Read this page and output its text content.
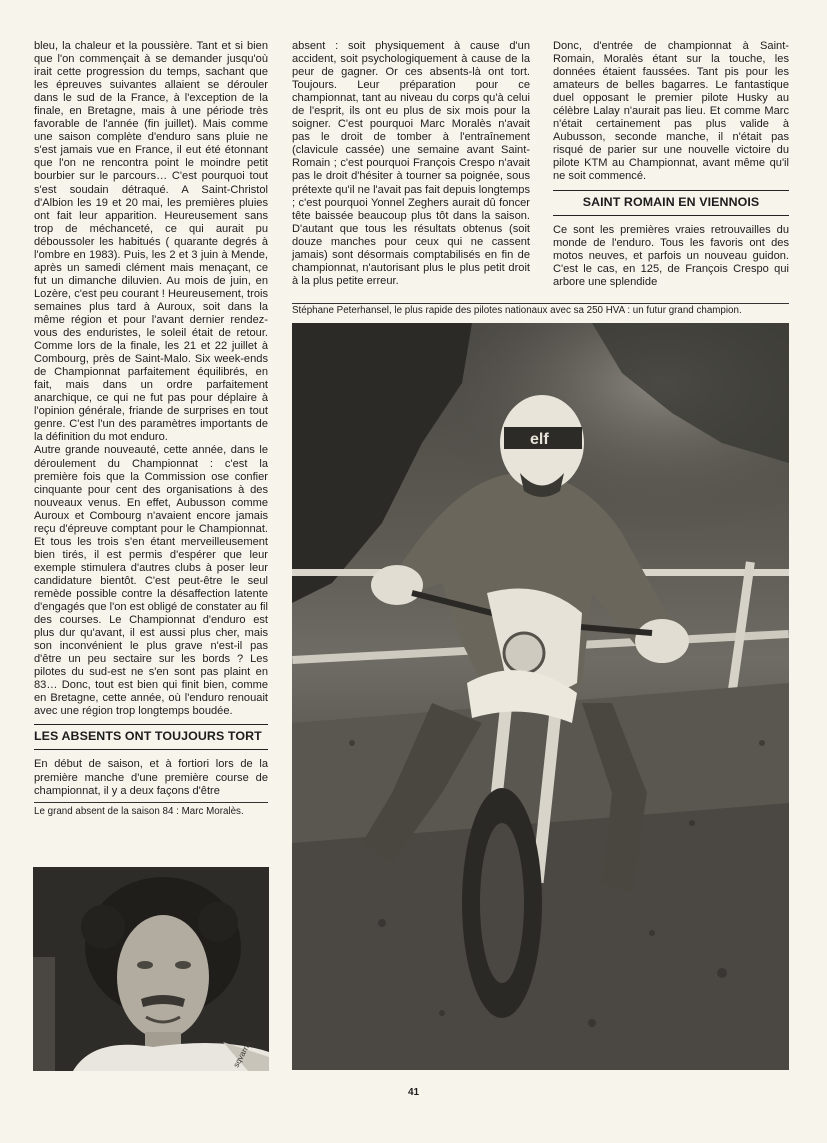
bleu, la chaleur et la poussière. Tant et si bien que l'on commençait à se demander jusqu'où irait cette progression du temps, sachant que les épreuves suivantes allaient se dérouler dans le sud de la France, à l'exception de la finale, en Bretagne, mais à une période très favorable de l'année (fin juillet). Mais comme une saison complète d'enduro sans pluie ne s'est jamais vue en France, il eut été étonnant que l'on ne rencontra point le moindre petit bourbier sur le parcours… C'est pourquoi tout s'est soudain détraqué. A Saint-Christol d'Albion les 19 et 20 mai, les premières pluies ont fait leur apparition. Heureusement sans trop de méchanceté, ce qui aurait pu déboussoler les habitués ( quarante degrés à l'ombre en 1983). Puis, les 2 et 3 juin à Mende, après un samedi clément mais menaçant, ce fut un dimanche diluvien. Au mois de juin, en Lozère, c'est peu courant ! Heureusement, trois semaines plus tard à Auroux, soit dans la même région et pour l'avant dernier rendez-vous des enduristes, le soleil était de retour. Comme lors de la finale, les 21 et 22 juillet à Combourg, près de Saint-Malo. Six week-ends de Championnat parfaitement équilibrés, en fait, mais dans un ordre parfaitement anarchique, ce qui ne fut pas pour déplaire à l'opinion générale, friande de surprises en tout genre. C'est l'un des paramètres importants de la définition du mot enduro.

Autre grande nouveauté, cette année, dans le déroulement du Championnat : c'est la première fois que la Commission ose confier cinquante pour cent des organisations à des nouveaux venus. En effet, Aubusson comme Auroux et Combourg n'avaient encore jamais reçu d'épreuve comptant pour le Championnat. Et tous les trois s'en étant merveilleusement bien tirés, il est permis d'espérer que leur exemple stimulera d'autres clubs à poser leur candidature bientôt. C'est peut-être le seul remède possible contre la désaffection latente d'engagés que l'on est obligé de constater au fil des courses. Le Championnat d'enduro est plus dur qu'avant, il est aussi plus cher, mais son inconvénient le plus grave n'est-il pas d'être un peu sectaire sur les bords ? Les pilotes du sud-est ne s'en sont pas plaint en 83… Donc, tout est bien qui finit bien, comme en Bretagne, cette année, où l'enduro renouait avec une région trop longtemps boudée.

LES ABSENTS ONT TOUJOURS TORT

En début de saison, et à fortiori lors de la première manche d'une première course de championnat, il y a deux façons d'être

Le grand absent de la saison 84 : Marc Moralès.

absent : soit physiquement à cause d'un accident, soit psychologiquement à cause de la peur de gagner. Or ces absents-là ont tort. Toujours. Leur préparation pour ce championnat, tant au niveau du corps qu'à celui de l'esprit, ils ont eu plus de six mois pour la soigner. C'est pourquoi Marc Moralès n'avait pas le droit de tomber à l'entraînement (clavicule cassée) une semaine avant Saint-Romain ; c'est pourquoi François Crespo n'avait pas le droit d'hésiter à tourner sa poignée, sous prétexte qu'il ne l'avait pas fait depuis longtemps ; c'est pourquoi Yonnel Zeghers aurait dû foncer tête baissée beaucoup plus tôt dans la saison. D'autant que tous les résultats obtenus (soit douze manches pour ceux qui ne cassent jamais) sont désormais comptabilisés en fin de championnat, n'autorisant plus le plus petit droit à la plus petite erreur.

Donc, d'entrée de championnat à Saint-Romain, Moralès étant sur la touche, les données étaient faussées. Tant pis pour les amateurs de belles bagarres. Le fantastique duel opposant le premier pilote Husky au célèbre Lalay n'aurait pas lieu. Et comme Marc n'était certainement pas plus valide à Aubusson, seconde manche, il n'était pas risqué de parier sur une nouvelle victoire du pilote KTM au Championnat, avant même qu'il ne soit commencé.

SAINT ROMAIN EN VIENNOIS

Ce sont les premières vraies retrouvailles du monde de l'enduro. Tous les favoris ont des motos neuves, et parfois un nouveau guidon. C'est le cas, en 125, de François Crespo qui arbore une splendide

Stéphane Peterhansel, le plus rapide des pilotes nationaux avec sa 250 HVA : un futur grand champion.
elf
sqvarna
41
